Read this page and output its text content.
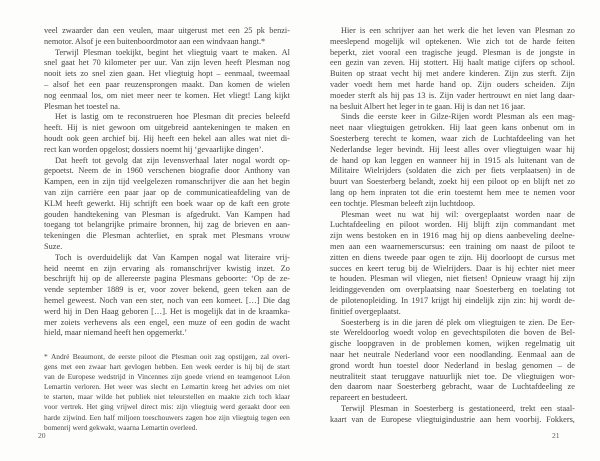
veel zwaarder dan een veulen, maar uitgerust met een 25 pk benzi-
nemotor. Alsof je een buitenboordmotor aan een windvaan hangt.*
Terwijl Plesman toekijkt, begint het vliegtuig vaart te maken. Al
snel gaat het 70 kilometer per uur. Van zijn leven heeft Plesman nog
nooit iets zo snel zien gaan. Het vliegtuig hopt – eenmaal, tweemaal
– alsof het een paar reuzensprongen maakt. Dan komen de wielen
nog eenmaal los, om niet meer neer te komen. Het vliegt! Lang kijkt
Plesman het toestel na.
Het is lastig om te reconstrueren hoe Plesman dit precies beleefd
heeft. Hij is niet gewoon om uitgebreid aantekeningen te maken en
houdt ook geen archief bij. Hij heeft een hekel aan alles wat niet di-
rect kan worden opgelost; dossiers noemt hij ‘gevaarlijke dingen’.
Dat heeft tot gevolg dat zijn levensverhaal later nogal wordt op-
gepoetst. Neem de in 1960 verschenen biografie door Anthony van
Kampen, een in zijn tijd veelgelezen romanschrijver die aan het begin
van zijn carrière een paar jaar op de communicatieafdeling van de
KLM heeft gewerkt. Hij schrijft een boek waar op de kaft een grote
gouden handtekening van Plesman is afgedrukt. Van Kampen had
toegang tot belangrijke primaire bronnen, hij zag de brieven en aan-
tekeningen die Plesman achterliet, en sprak met Plesmans vrouw
Suze.
Toch is overduidelijk dat Van Kampen nogal wat literaire vrij-
heid neemt en zijn ervaring als romanschrijver kwistig inzet. Zo
beschrijft hij op de allereerste pagina Plesmans geboorte: ‘Op de ze-
vende september 1889 is er, voor zover bekend, geen teken aan de
hemel geweest. Noch van een ster, noch van een komeet. […] Die dag
werd hij in Den Haag geboren […]. Het is mogelijk dat in de kraamka-
mer zoiets verhevens als een engel, een muze of een godin de wacht
hield, maar niemand heeft hen opgemerkt.’
* André Beaumont, de eerste piloot die Plesman ooit zag opstijgen, zal overi-
gens met een zwaar hart gevlogen hebben. Een week eerder is hij bij de start
van de Europese wedstrijd in Vincennes zijn goede vriend en teamgenoot Léon
Lemartin verloren. Het weer was slecht en Lemartin kreeg het advies om niet
te starten, maar wilde het publiek niet teleurstellen en maakte zich toch klaar
voor vertrek. Het ging vrijwel direct mis: zijn vliegtuig werd geraakt door een
harde zijwind. Een half miljoen toeschouwers zagen hoe zijn vliegtuig tegen een
bomenrij werd gekwakt, waarna Lemartin overleed.
20
Hier is een schrijver aan het werk die het leven van Plesman zo
meeslepend mogelijk wil optekenen. Wie zich tot de harde feiten
beperkt, ziet vooral een tragische jeugd. Plesman is de jongste in
een gezin van zeven. Hij stottert. Hij haalt matige cijfers op school.
Buiten op straat vecht hij met andere kinderen. Zijn zus sterft. Zijn
vader voedt hem met harde hand op. Zijn ouders scheiden. Zijn
moeder sterft als hij pas 13 is. Zijn vader hertrouwt en niet lang daar-
na besluit Albert het leger in te gaan. Hij is dan net 16 jaar.
Sinds die eerste keer in Gilze-Rijen wordt Plesman als een mag-
neet naar vliegtuigen getrokken. Hij laat geen kans onbenut om in
Soesterberg terecht te komen, waar zich de Luchtafdeeling van het
Nederlandse leger bevindt. Hij leest alles over vliegtuigen waar hij
de hand op kan leggen en wanneer hij in 1915 als luitenant van de
Militaire Wielrijders (soldaten die zich per fiets verplaatsen) in de
buurt van Soesterberg belandt, zoekt hij een piloot op en blijft net zo
lang op hem inpraten tot die erin toestemt hem mee te nemen voor
een tochtje. Plesman beleeft zijn luchtdoop.
Plesman weet nu wat hij wil: overgeplaatst worden naar de
Luchtafdeeling en piloot worden. Hij blijft zijn commandant met
zijn wens bestoken en in 1916 mag hij op diens aanbeveling deelne-
men aan een waarnemerscursus: een training om naast de piloot te
zitten en diens tweede paar ogen te zijn. Hij doorloopt de cursus met
succes en keert terug bij de Wielrijders. Daar is hij echter niet meer
te houden. Plesman wil vliegen, niet fietsen! Opnieuw vraagt hij zijn
leidinggevenden om overplaatsing naar Soesterberg en toelating tot
de pilotenopleiding. In 1917 krijgt hij eindelijk zijn zin: hij wordt de-
finitief overgeplaatst.
Soesterberg is in die jaren dé plek om vliegtuigen te zien. De Eer-
ste Wereldoorlog woedt volop en gevechtspiloten die boven de Bel-
gische loopgraven in de problemen komen, wijken regelmatig uit
naar het neutrale Nederland voor een noodlanding. Eenmaal aan de
grond wordt hun toestel door Nederland in beslag genomen – de
neutraliteit staat teruggave natuurlijk niet toe. De vliegtuigen wor-
den daarom naar Soesterberg gebracht, waar de Luchtafdeeling ze
repareert en bestudeert.
Terwijl Plesman in Soesterberg is gestationeerd, trekt een staal-
kaart van de Europese vliegtuigindustrie aan hem voorbij. Fokkers,
21
